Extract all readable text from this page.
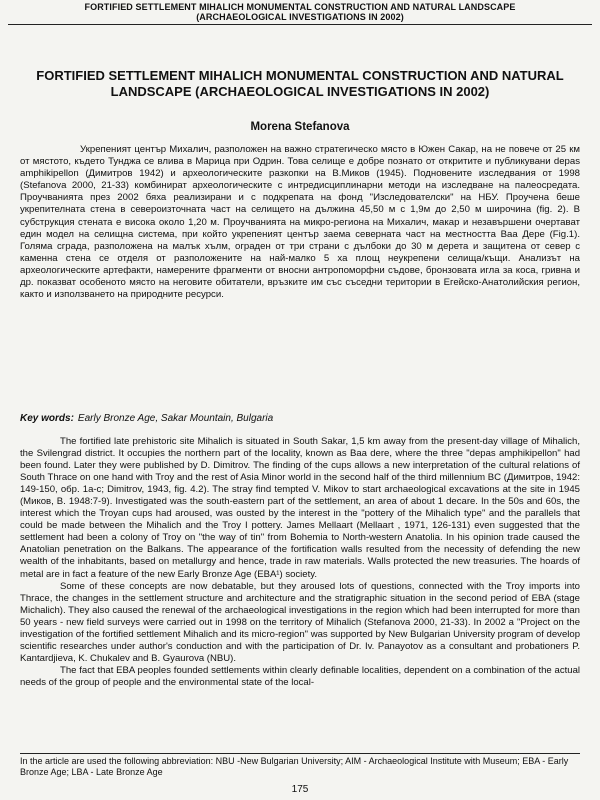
FORTIFIED SETTLEMENT MIHALICH MONUMENTAL CONSTRUCTION AND NATURAL LANDSCAPE
(ARCHAEOLOGICAL INVESTIGATIONS IN 2002)
FORTIFIED SETTLEMENT MIHALICH MONUMENTAL CONSTRUCTION AND NATURAL LANDSCAPE (ARCHAEOLOGICAL INVESTIGATIONS IN 2002)
Morena Stefanova

Укрепеният център Михалич, разположен на важно стратегическо място в Южен Сакар, на не повече от 25 км от мястото, където Тунджа се влива в Марица при Одрин. Това селище е добре познато от откритите и публикувани depas amphikipellon (Димитров 1942) и археологическите разкопки на В.Миков (1945). Подновените изследвания от 1998 (Stefanova 2000, 21-33) комбинират археологическите с интредисциплинарни методи на изследване на палеосредата. Проучванията през 2002 бяха реализирани и с подкрепата на фонд "Изследователски" на НБУ. Проучена беше укрепителната стена в североизточната част на селището на дължина 45,50 м с 1,9м до 2,50 м широчина (fig. 2). В субструкция стената е висока около 1,20 м. Проучванията на микро-региона на Михалич, макар и незавършени очертават един модел на селищна система, при който укрепеният център заема северната част на местността Ваа Дере (Fig.1). Голяма сграда, разположена на малък хълм, ограден от три страни с дълбоки до 30 м дерета и защитена от север с каменна стена се отделя от разположените на най-малко 5 ха площ неукрепени селища/къщи. Анализът на археологическите артефакти, намерените фрагменти от вносни антропоморфни съдове, бронзовата игла за коса, гривна и др. показват особеното място на неговите обитатели, връзките им със съседни територии в Егейско-Анатолийския регион, както и използването на природните ресурси.

Key words: Early Bronze Age, Sakar Mountain, Bulgaria

The fortified late prehistoric site Mihalich is situated in South Sakar, 1,5 km away from the present-day village of Mihalich, the Svilengrad district. It occupies the northern part of the locality, known as Baa dere, where the three "depas amphikipellon" had been found. Later they were published by D. Dimitrov. The finding of the cups allows a new interpretation of the cultural relations of South Thrace on one hand with Troy and the rest of Asia Minor world in the second half of the third millennium BC (Димитров, 1942: 149-150, обр. 1а-с; Dimitrov, 1943, fig. 4.2). The stray find tempted V. Mikov to start archaeological excavations at the site in 1945 (Миков, В. 1948:7-9). Investigated was the south-eastern part of the settlement, an area of about 1 decare. In the 50s and 60s, the interest which the Troyan cups had aroused, was ousted by the interest in the "pottery of the Mihalich type" and the parallels that could be made between the Mihalich and the Troy I pottery. James Mellaart (Mellaart , 1971, 126-131) even suggested that the settlement had been a colony of Troy on "the way of tin" from Bohemia to North-western Anatolia. In his opinion trade caused the Anatolian penetration on the Balkans. The appearance of the fortification walls resulted from the necessity of defending the new wealth of the inhabitants, based on metallurgy and hence, trade in raw materials. Walls protected the new treasuries. The hoards of metal are in fact a feature of the new Early Bronze Age (EBA¹) society.

Some of these concepts are now debatable, but they aroused lots of questions, connected with the Troy imports into Thrace, the changes in the settlement structure and architecture and the stratigraphic situation in the second period of EBA (stage Michalich). They also caused the renewal of the archaeological investigations in the region which had been interrupted for more than 50 years - new field surveys were carried out in 1998 on the territory of Mihalich (Stefanova 2000, 21-33). In 2002 a "Project on the investigation of the fortified settlement Mihalich and its micro-region" was supported by New Bulgarian University program of develop scientific researches under author's conduction and with the participation of Dr. Iv. Panayotov as a consultant and probationers P. Kantardjieva, K. Chukalev and B. Gyaurova (NBU).

The fact that EBA peoples founded settlements within clearly definable localities, dependent on a combination of the actual needs of the group of people and the environmental state of the local-

In the article are used the following abbreviation: NBU -New Bulgarian University; AIM - Archaeological Institute with Museum; EBA - Early Bronze Age; LBA - Late Bronze Age
175
